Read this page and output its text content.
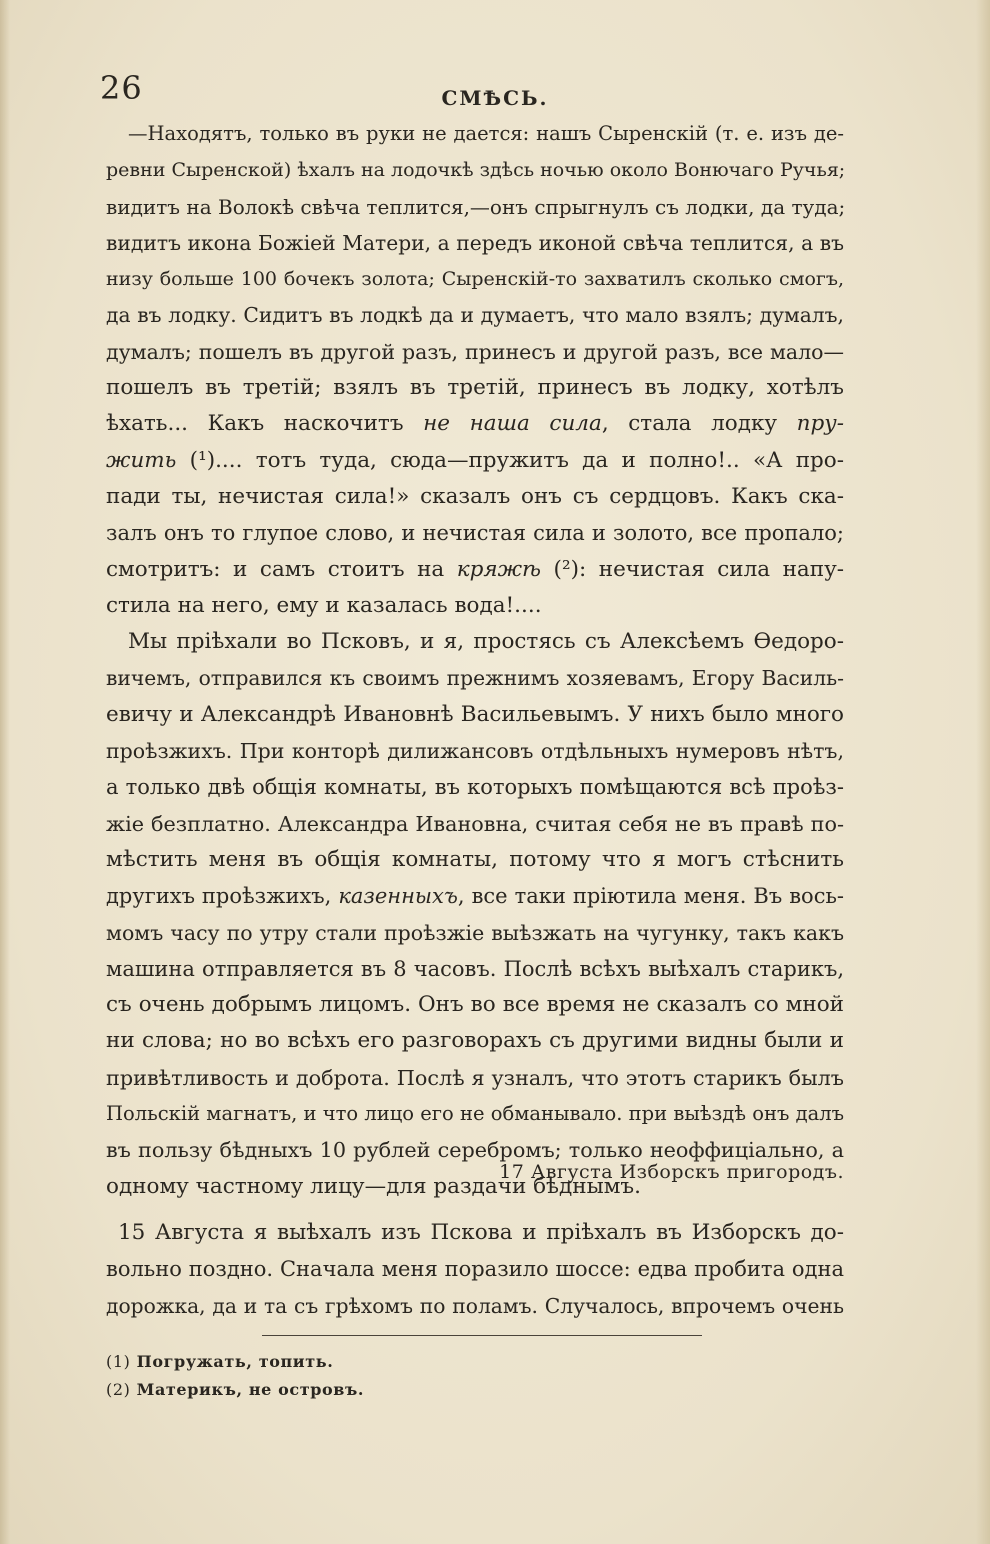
26	СМѢСЬ.
—Находятъ, только въ руки не дается: нашъ Сыренскій (т. е. изъ де-
ревни Сыренской) ѣхалъ на лодочкѣ здѣсь ночью около Вонючаго Ручья;
видитъ на Волокѣ свѣча теплится,—онъ спрыгнулъ съ лодки, да туда;
видитъ икона Божіей Матери, а передъ иконой свѣча теплится, а въ
низу больше 100 бочекъ золота; Сыренскій-то захватилъ сколько смогъ,
да въ лодку. Сидитъ въ лодкѣ да и думаетъ, что мало взялъ; думалъ,
думалъ; пошелъ въ другой разъ, принесъ и другой разъ, все мало—
пошелъ въ третій; взялъ въ третій, принесъ въ лодку, хотѣлъ
ѣхать... Какъ наскочитъ не наша сила, стала лодку пру-
жить (¹).... тотъ туда, сюда—пружитъ да и полно!.. «А про-
пади ты, нечистая сила!» сказалъ онъ съ сердцовъ. Какъ ска-
залъ онъ то глупое слово, и нечистая сила и золото, все пропало;
смотритъ: и самъ стоитъ на кряжѣ (²): нечистая сила напу-
стила на него, ему и казалась вода!....
Мы пріѣхали во Псковъ, и я, простясь съ Алексѣемъ Ѳедоро-
вичемъ, отправился къ своимъ прежнимъ хозяевамъ, Егору Василь-
евичу и Александрѣ Ивановнѣ Васильевымъ. У нихъ было много
проѣзжихъ. При конторѣ дилижансовъ отдѣльныхъ нумеровъ нѣтъ,
а только двѣ общія комнаты, въ которыхъ помѣщаются всѣ проѣз-
жіе безплатно. Александра Ивановна, считая себя не въ правѣ по-
мѣстить меня въ общія комнаты, потому что я могъ стѣснить
другихъ проѣзжихъ, казенныхъ, все таки пріютила меня. Въ вось-
момъ часу по утру стали проѣзжіе выѣзжать на чугунку, такъ какъ
машина отправляется въ 8 часовъ. Послѣ всѣхъ выѣхалъ старикъ,
съ очень добрымъ лицомъ. Онъ во все время не сказалъ со мной
ни слова; но во всѣхъ его разговорахъ съ другими видны были и
привѣтливость и доброта. Послѣ я узналъ, что этотъ старикъ былъ
Польскій магнатъ, и что лицо его не обманывало. при выѣздѣ онъ далъ
въ пользу бѣдныхъ 10 рублей серебромъ; только неоффиціально, а
одному частному лицу—для раздачи бѣднымъ.
17 Августа Изборскъ пригородъ.
15 Августа я выѣхалъ изъ Пскова и пріѣхалъ въ Изборскъ до-
вольно поздно. Сначала меня поразило шоссе: едва пробита одна
дорожка, да и та съ грѣхомъ по поламъ. Случалось, впрочемъ очень
(1) Погружать, топить.
(2) Материкъ, не островъ.
